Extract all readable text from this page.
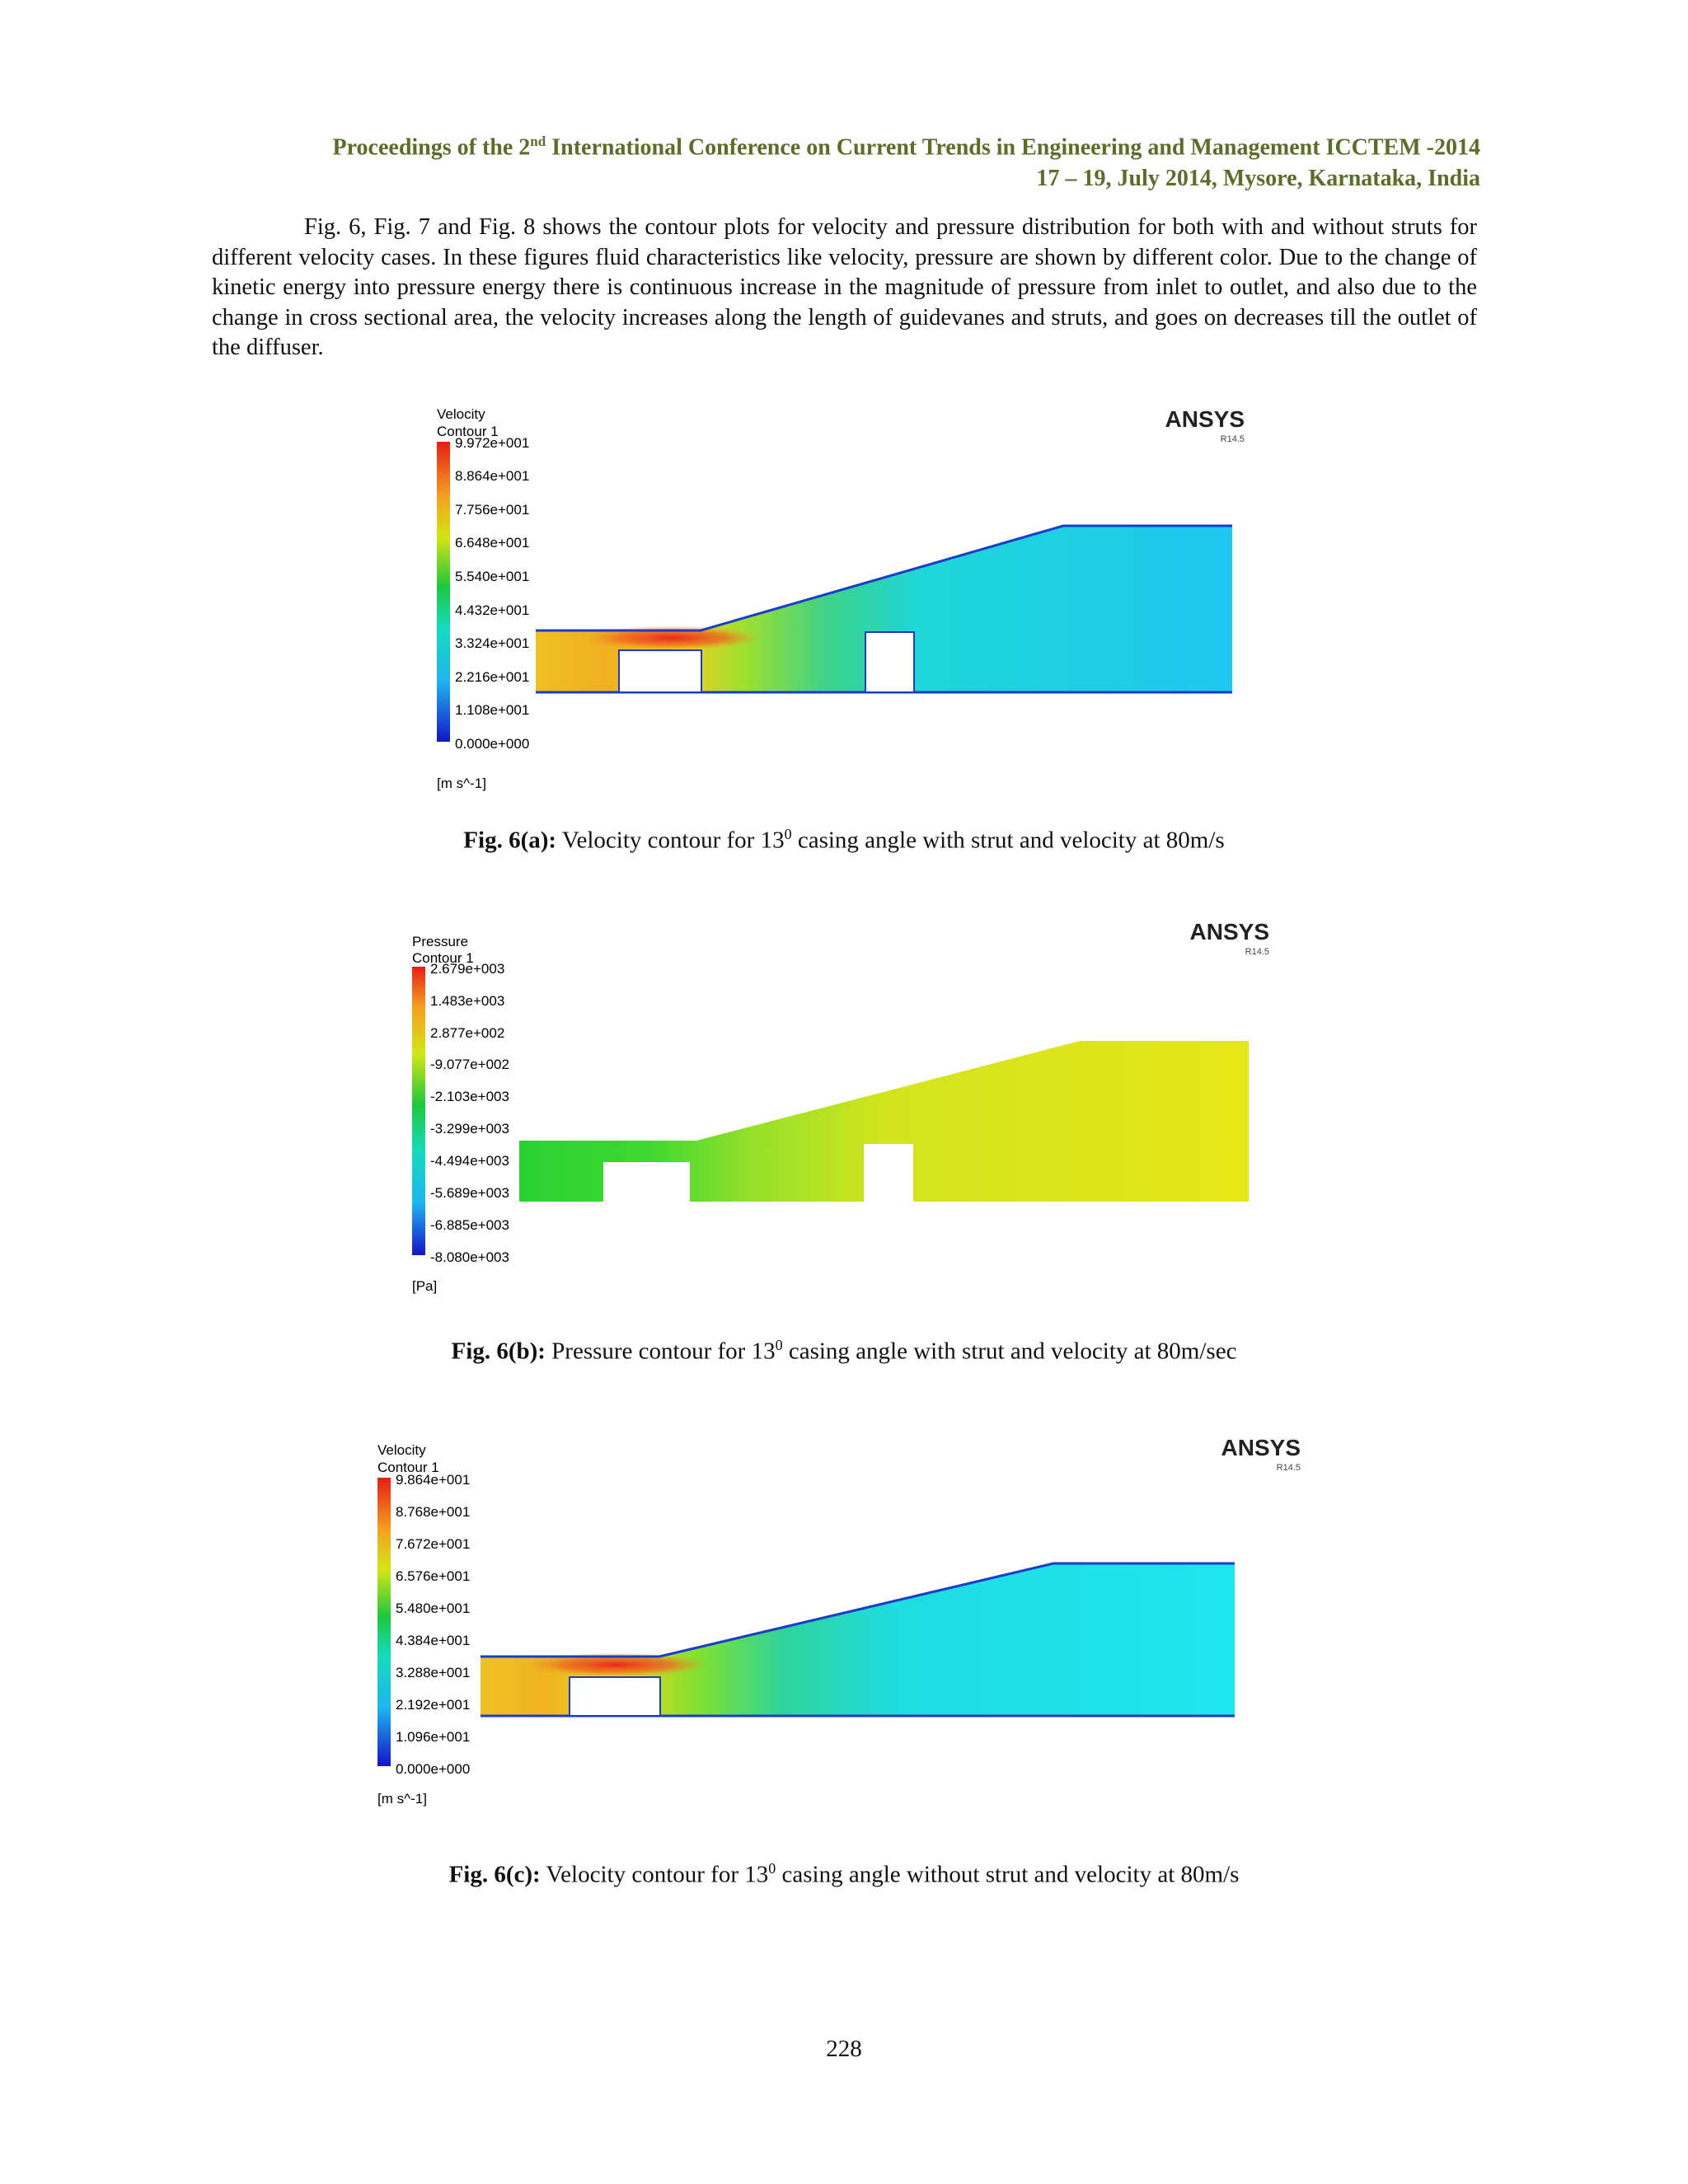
Proceedings of the 2nd International Conference on Current Trends in Engineering and Management ICCTEM -2014
17 – 19, July 2014, Mysore, Karnataka, India

Fig. 6, Fig. 7 and Fig. 8 shows the contour plots for velocity and pressure distribution for both with and without struts for different velocity cases. In these figures fluid characteristics like velocity, pressure are shown by different color. Due to the change of kinetic energy into pressure energy there is continuous increase in the magnitude of pressure from inlet to outlet, and also due to the change in cross sectional area, the velocity increases along the length of guidevanes and struts, and goes on decreases till the outlet of the diffuser.

Velocity
Contour 1
9.972e+001
8.864e+001
7.756e+001
6.648e+001
5.540e+001
4.432e+001
3.324e+001
2.216e+001
1.108e+001
0.000e+000
[m s^-1]
ANSYS
R14.5
Fig. 6(a): Velocity contour for $13^0$ casing angle with strut and velocity at 80m/s
Pressure
Contour 1
2.679e+003
1.483e+003
2.877e+002
-9.077e+002
-2.103e+003
-3.299e+003
-4.494e+003
-5.689e+003
-6.885e+003
-8.080e+003
[Pa]
ANSYS
R14.5
Fig. 6(b): Pressure contour for $13^0$ casing angle with strut and velocity at 80m/sec
Velocity
Contour 1
9.864e+001
8.768e+001
7.672e+001
6.576e+001
5.480e+001
4.384e+001
3.288e+001
2.192e+001
1.096e+001
0.000e+000
[m s^-1]
ANSYS
R14.5
Fig. 6(c): Velocity contour for $13^0$ casing angle without strut and velocity at 80m/s
228
